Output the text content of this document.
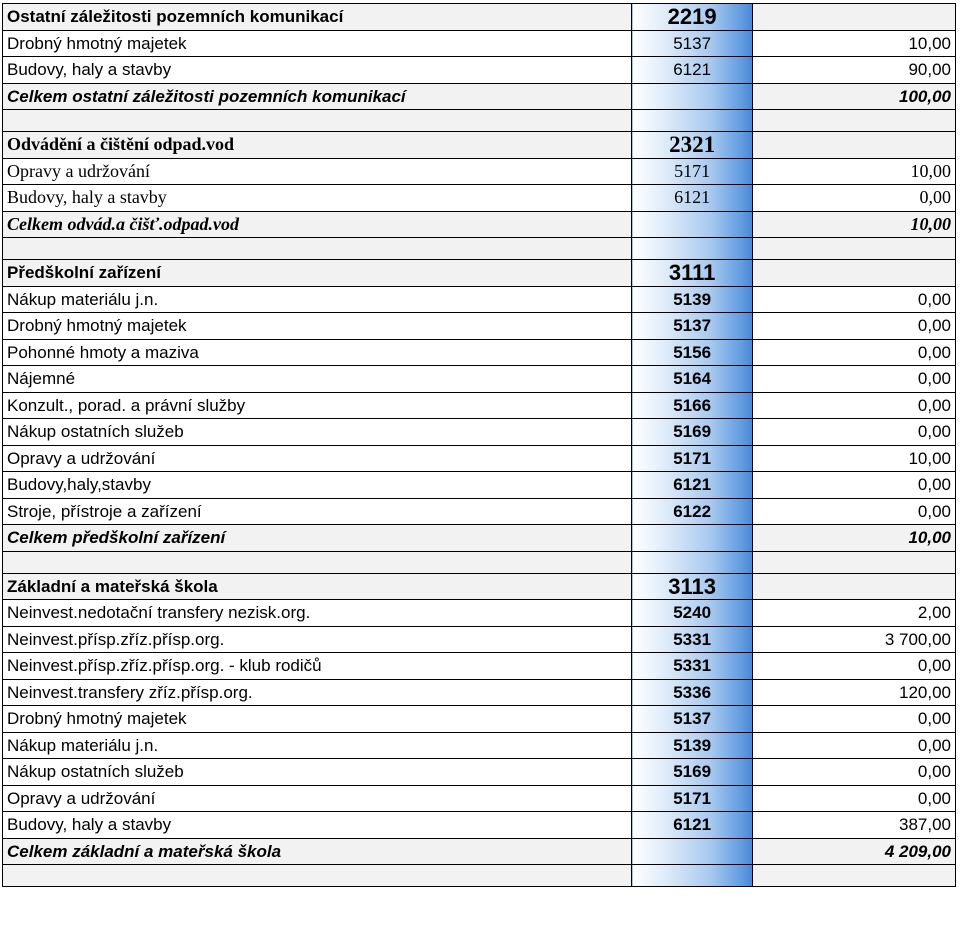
Ostatní záležitosti pozemních komunikací	2219	
Drobný hmotný majetek	5137	10,00
Budovy, haly a stavby	6121	90,00
Celkem ostatní záležitosti pozemních komunikací		100,00

Odvádění a čištění odpad.vod	2321	
Opravy a udržování	5171	10,00
Budovy, haly a stavby	6121	0,00
Celkem odvád.a čišť.odpad.vod		10,00

Předškolní zařízení	3111	
Nákup materiálu j.n.	5139	0,00
Drobný hmotný majetek	5137	0,00
Pohonné hmoty a maziva	5156	0,00
Nájemné	5164	0,00
Konzult., porad. a právní služby	5166	0,00
Nákup ostatních služeb	5169	0,00
Opravy a udržování	5171	10,00
Budovy,haly,stavby	6121	0,00
Stroje, přístroje a zařízení	6122	0,00
Celkem předškolní zařízení		10,00

Základní a mateřská škola	3113	
Neinvest.nedotační transfery nezisk.org.	5240	2,00
Neinvest.přísp.zříz.přísp.org.	5331	3 700,00
Neinvest.přísp.zříz.přísp.org. - klub rodičů	5331	0,00
Neinvest.transfery zříz.přísp.org.	5336	120,00
Drobný hmotný majetek	5137	0,00
Nákup materiálu j.n.	5139	0,00
Nákup ostatních služeb	5169	0,00
Opravy a udržování	5171	0,00
Budovy, haly a stavby	6121	387,00
Celkem základní a mateřská škola		4 209,00
